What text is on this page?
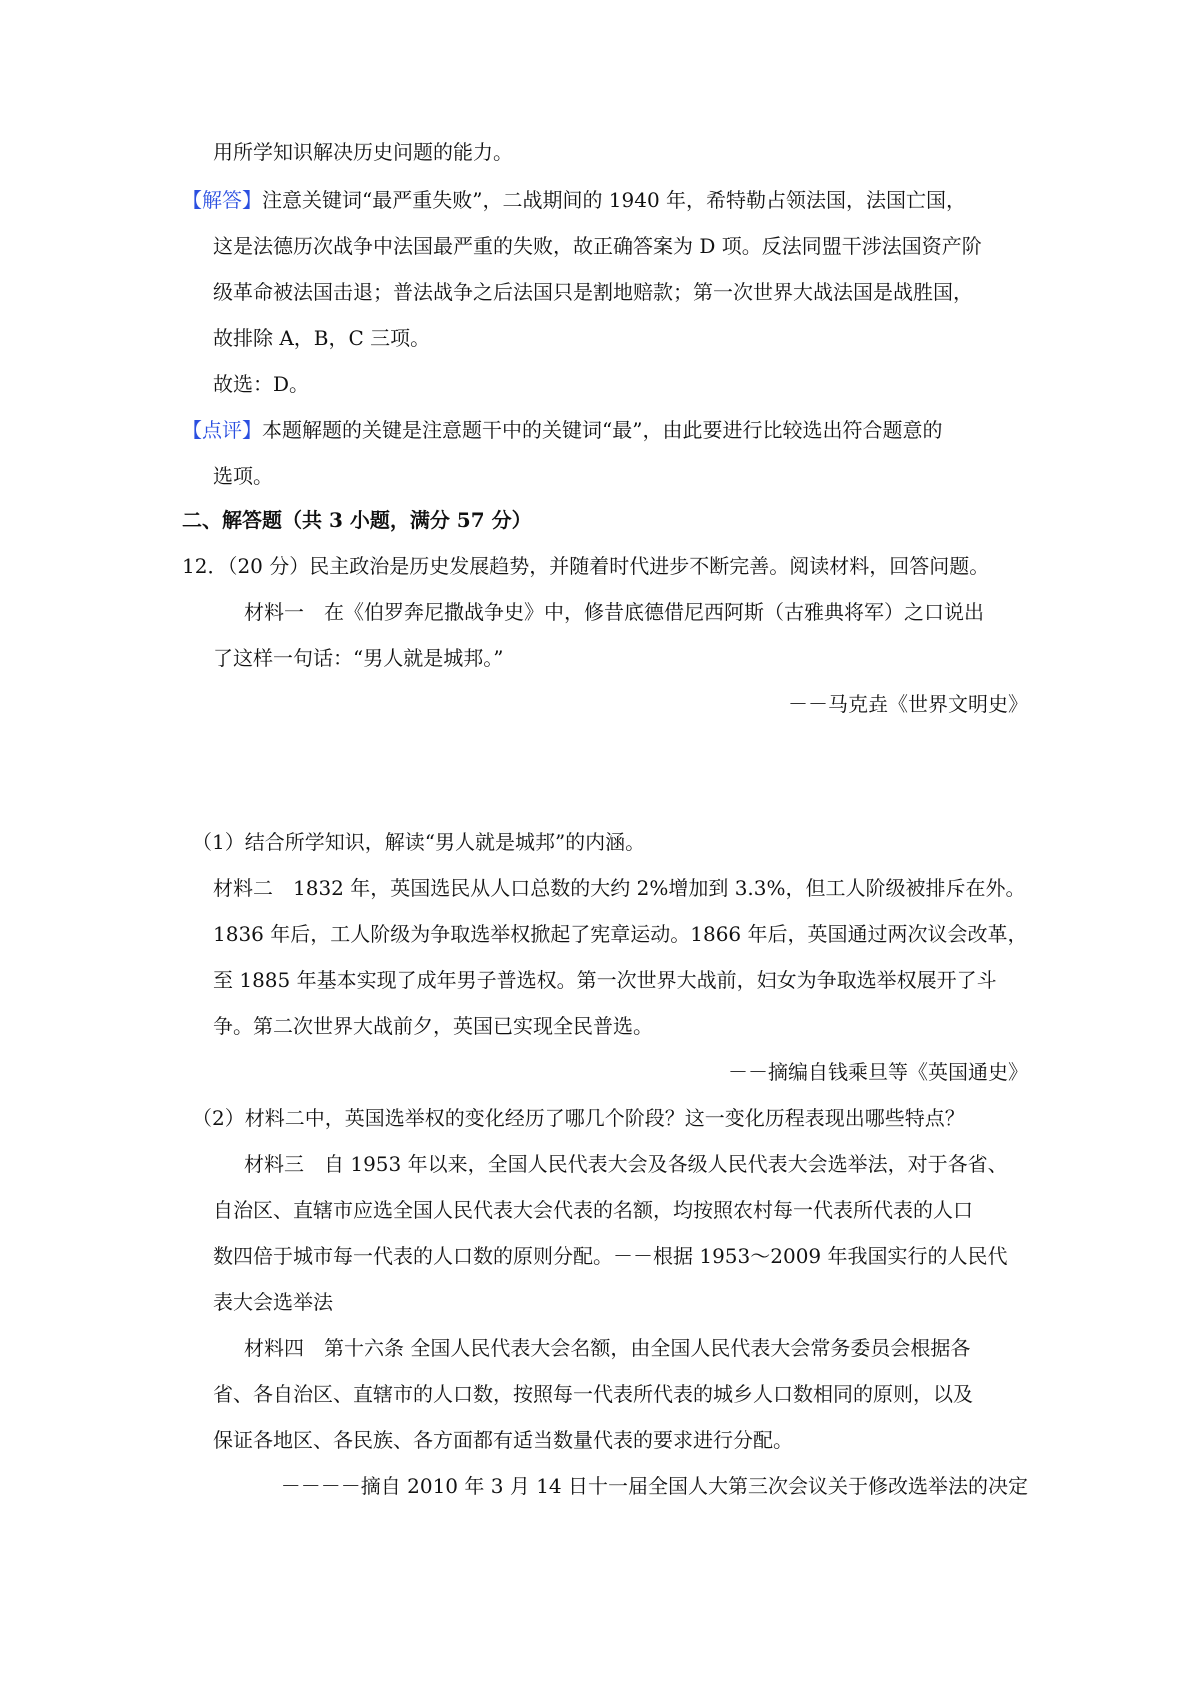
用所学知识解决历史问题的能力。
【解答】注意关键词“最严重失败”，二战期间的 1940 年，希特勒占领法国，法国亡国，
这是法德历次战争中法国最严重的失败，故正确答案为 D 项。反法同盟干涉法国资产阶
级革命被法国击退；普法战争之后法国只是割地赔款；第一次世界大战法国是战胜国，
故排除 A，B，C 三项。
故选：D。
【点评】本题解题的关键是注意题干中的关键词“最”，由此要进行比较选出符合题意的
选项。
二、解答题（共 3 小题，满分 57 分）
12．（20 分）民主政治是历史发展趋势，并随着时代进步不断完善。阅读材料，回答问题。
材料一　在《伯罗奔尼撒战争史》中，修昔底德借尼西阿斯（古雅典将军）之口说出
了这样一句话：“男人就是城邦。”
－－马克垚《世界文明史》
（1）结合所学知识，解读“男人就是城邦”的内涵。
材料二　1832 年，英国选民从人口总数的大约 2%增加到 3.3%，但工人阶级被排斥在外。
1836 年后，工人阶级为争取选举权掀起了宪章运动。1866 年后，英国通过两次议会改革，
至 1885 年基本实现了成年男子普选权。第一次世界大战前，妇女为争取选举权展开了斗
争。第二次世界大战前夕，英国已实现全民普选。
－－摘编自钱乘旦等《英国通史》
（2）材料二中，英国选举权的变化经历了哪几个阶段？这一变化历程表现出哪些特点？
材料三　自 1953 年以来，全国人民代表大会及各级人民代表大会选举法，对于各省、
自治区、直辖市应选全国人民代表大会代表的名额，均按照农村每一代表所代表的人口
数四倍于城市每一代表的人口数的原则分配。－－根据 1953～2009 年我国实行的人民代
表大会选举法
材料四　第十六条 全国人民代表大会名额，由全国人民代表大会常务委员会根据各
省、各自治区、直辖市的人口数，按照每一代表所代表的城乡人口数相同的原则，以及
保证各地区、各民族、各方面都有适当数量代表的要求进行分配。
－－－－摘自 2010 年 3 月 14 日十一届全国人大第三次会议关于修改选举法的决定
